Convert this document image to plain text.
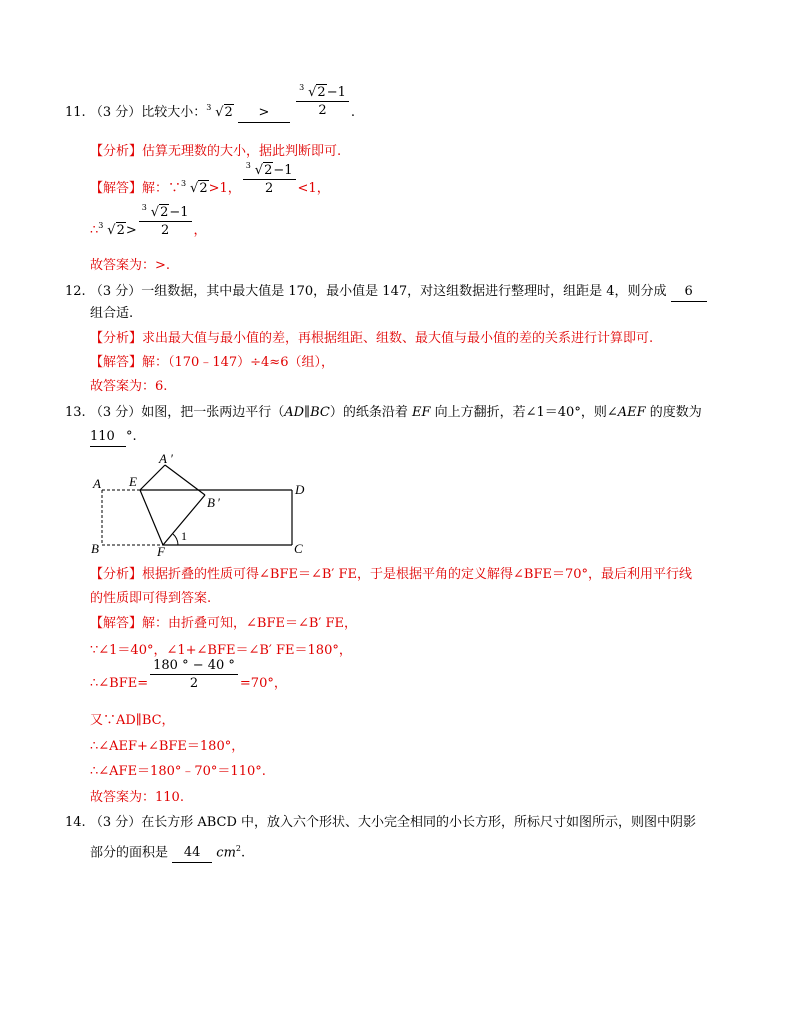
11. （3 分）比较大小： 3 √2 >	$\frac{3 √2-1}{2}$ .
【分析】估算无理数的大小，据此判断即可.
【解答】解：∵ 3 √2>1， $\frac{3 √2-1}{2} <1$，
∴ 3 $√2> \frac{3 √2-1}{2}$ ，
故答案为：>.
12. （3 分）一组数据，其中最大值是 170，最小值是 147，对这组数据进行整理时，组距是 4，则分成 6
组合适.
【分析】求出最大值与最小值的差，再根据组距、组数、最大值与最小值的差的关系进行计算即可.
【解答】解：（170﹣147）÷4≈6（组），
故答案为：6.
13. （3 分）如图，把一张两边平行（AD∥BC）的纸条沿着 EF 向上方翻折，若∠1＝40°，则∠AEF 的度数为
110 °.
A E
A ′
B ′
D
B	F	C
1
【分析】根据折叠的性质可得∠BFE＝∠B′ FE，于是根据平角的定义解得∠BFE＝70°，最后利用平行线
的性质即可得到答案.
【解答】解：由折叠可知，∠BFE＝∠B′ FE，
∵∠1＝40°，∠1+∠BFE＝∠B′ FE＝180°，
∴∠BFE= $\frac{180 ^\circ - 40 ^\circ}{2} =70^\circ$，
又∵AD∥BC，
∴∠AEF+∠BFE＝180°，
∴∠AFE＝180°﹣70°＝110°.
故答案为：110.
14. （3 分）在长方形 ABCD 中，放入六个形状、大小完全相同的小长方形，所标尺寸如图所示，则图中阴影
部分的面积是 44 $cm^2$.
